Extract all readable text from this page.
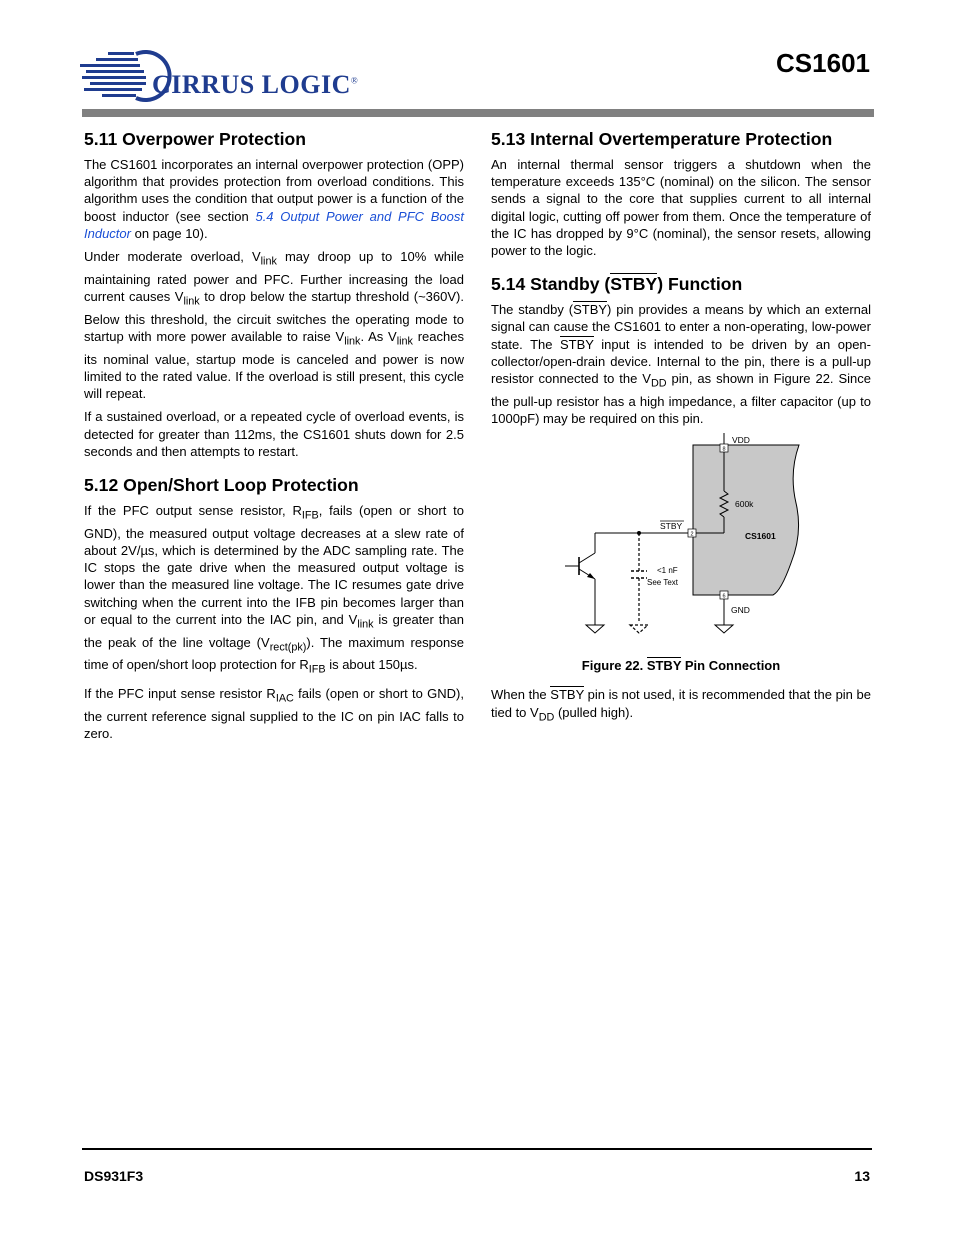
CIRRUS LOGIC®
CS1601
5.11 Overpower Protection

The CS1601 incorporates an internal overpower protection (OPP) algorithm that provides protection from overload conditions. This algorithm uses the condition that output power is a function of the boost inductor (see section 5.4 Output Power and PFC Boost Inductor on page 10).

Under moderate overload, $V_{link}$ may droop up to 10% while maintaining rated power and PFC. Further increasing the load current causes $V_{link}$ to drop below the startup threshold (~360V). Below this threshold, the circuit switches the operating mode to startup with more power available to raise $V_{link}$. As $V_{link}$ reaches its nominal value, startup mode is canceled and power is now limited to the rated value. If the overload is still present, this cycle will repeat.

If a sustained overload, or a repeated cycle of overload events, is detected for greater than 112ms, the CS1601 shuts down for 2.5 seconds and then attempts to restart.

5.12 Open/Short Loop Protection

If the PFC output sense resistor, $R_{IFB}$, fails (open or short to GND), the measured output voltage decreases at a slew rate of about 2V/µs, which is determined by the ADC sampling rate. The IC stops the gate drive when the measured output voltage is lower than the measured line voltage. The IC resumes gate drive switching when the current into the IFB pin becomes larger than or equal to the current into the IAC pin, and $V_{link}$ is greater than the peak of the line voltage $(V_{rect(pk)})$. The maximum response time of open/short loop protection for $R_{IFB}$ is about 150µs.

If the PFC input sense resistor $R_{IAC}$ fails (open or short to GND), the current reference signal supplied to the IC on pin IAC falls to zero.

5.13 Internal Overtemperature Protection

An internal thermal sensor triggers a shutdown when the temperature exceeds 135°C (nominal) on the silicon. The sensor sends a signal to the core that supplies current to all internal digital logic, cutting off power from them. Once the temperature of the IC has dropped by 9°C (nominal), the sensor resets, allowing power to the logic.

5.14 Standby (STBY) Function

The standby (STBY) pin provides a means by which an external signal can cause the CS1601 to enter a non-operating, low-power state. The STBY input is intended to be driven by an open-collector/open-drain device. Internal to the pin, there is a pull-up resistor connected to the $V_{DD}$ pin, as shown in Figure 22. Since the pull-up resistor has a high impedance, a filter capacitor (up to 1000pF) may be required on this pin.

8
2
6
VDD
600k
CS1601
STBY
<1 nF
See Text
GND
Figure 22. STBY Pin Connection

When the STBY pin is not used, it is recommended that the pin be tied to $V_{DD}$ (pulled high).

DS931F3	13
